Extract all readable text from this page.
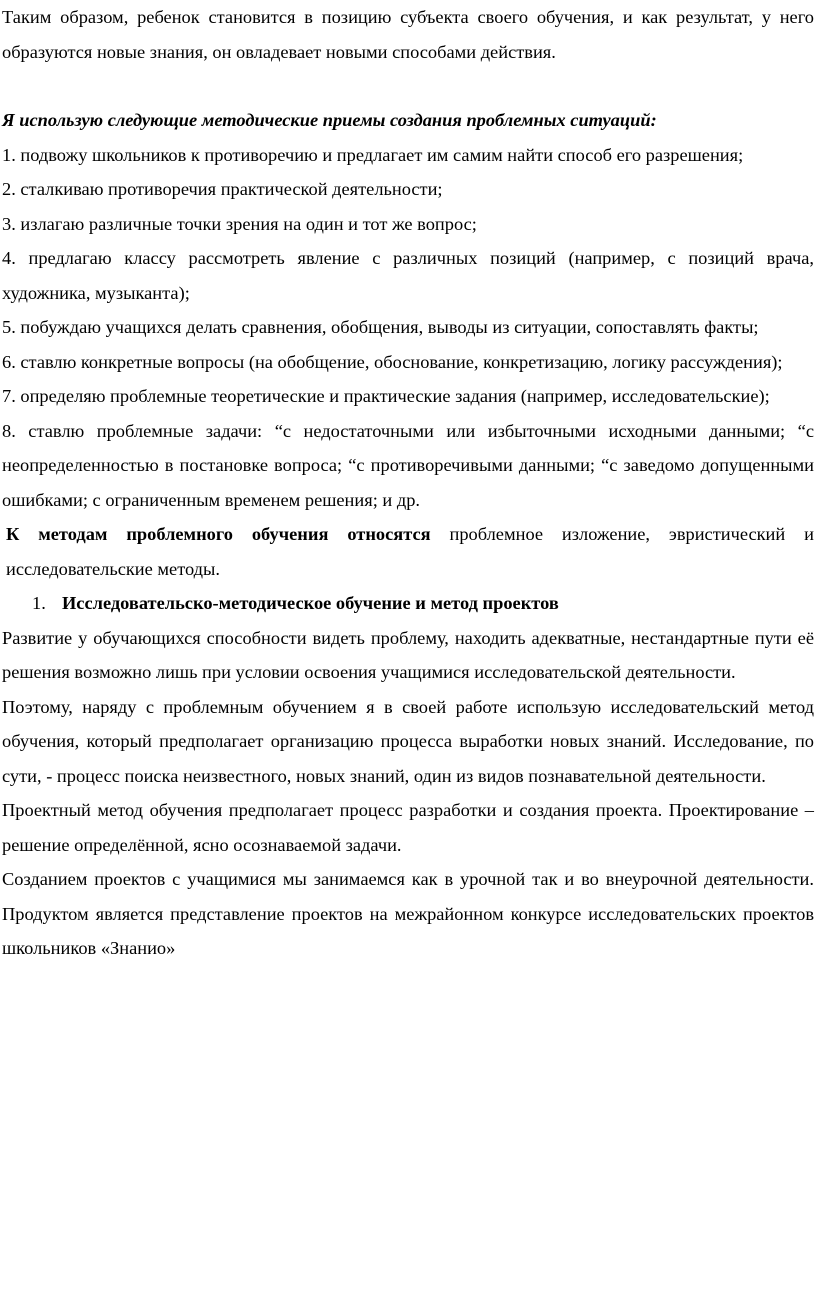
Таким образом, ребенок становится в позицию субъекта своего обучения, и как результат, у него образуются новые знания, он овладевает новыми способами действия.

Я использую следующие методические приемы создания проблемных ситуаций:

1. подвожу школьников к противоречию и предлагает им самим найти способ его разрешения;

2. сталкиваю противоречия практической деятельности;

3. излагаю различные точки зрения на один и тот же вопрос;

4. предлагаю классу рассмотреть явление с различных позиций (например, с позиций врача, художника, музыканта);

5. побуждаю учащихся делать сравнения, обобщения, выводы из ситуации, сопоставлять факты;

6. ставлю конкретные вопросы (на обобщение, обоснование, конкретизацию, логику рассуждения);

7. определяю проблемные теоретические и практические задания (например, исследовательские);

8. ставлю проблемные задачи: “с недостаточными или избыточными исходными данными; “с неопределенностью в постановке вопроса; “с противоречивыми данными; “с заведомо допущенными ошибками; с ограниченным временем решения; и др.

К методам проблемного обучения относятся проблемное изложение, эвристический и исследовательские методы.

1. Исследовательско-методическое обучение и метод проектов

Развитие у обучающихся способности видеть проблему, находить адекватные, нестандартные пути её решения возможно лишь при условии освоения учащимися исследовательской деятельности.

Поэтому, наряду с проблемным обучением я в своей работе использую исследовательский метод обучения, который предполагает организацию процесса выработки новых знаний. Исследование, по сути, - процесс поиска неизвестного, новых знаний, один из видов познавательной деятельности.

Проектный метод обучения предполагает процесс разработки и создания проекта. Проектирование – решение определённой, ясно осознаваемой задачи.

Созданием проектов с учащимися мы занимаемся как в урочной так и во внеурочной деятельности. Продуктом является представление проектов на межрайонном конкурсе исследовательских проектов школьников «Знанио»
